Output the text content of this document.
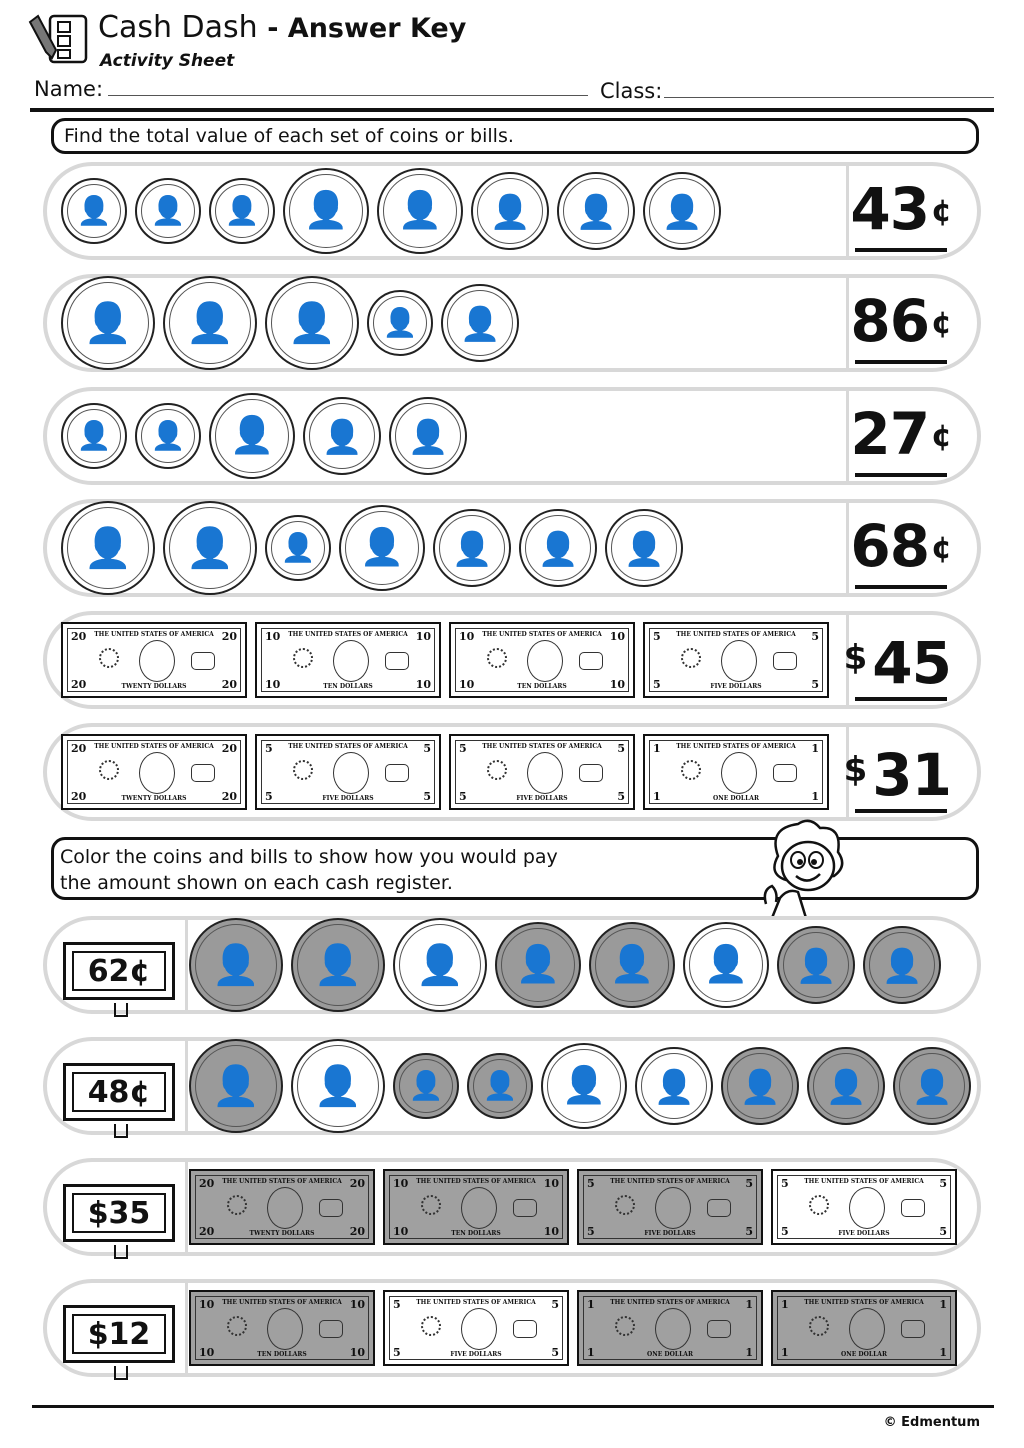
Cash Dash - Answer Key
Activity Sheet
Name:	Class:
Find the total value of each set of coins or bills.
👤 👤 👤 👤 👤 👤 👤 👤	43¢
👤 👤 👤 👤 👤	86¢
👤 👤 👤 👤 👤	27¢
👤 👤 👤 👤 👤 👤 👤	68¢
20	20
20	20
THE UNITED STATES OF AMERICA
TWENTY DOLLARS
10	10
10	10
THE UNITED STATES OF AMERICA
TEN DOLLARS
10	10
10	10
THE UNITED STATES OF AMERICA
TEN DOLLARS
5	5
5	5
THE UNITED STATES OF AMERICA
FIVE DOLLARS
$ 45
20	20
20	20
THE UNITED STATES OF AMERICA
TWENTY DOLLARS
5	5
5	5
THE UNITED STATES OF AMERICA
FIVE DOLLARS
5	5
5	5
THE UNITED STATES OF AMERICA
FIVE DOLLARS
1	1
1	1
THE UNITED STATES OF AMERICA
ONE DOLLAR
$ 31
Color the coins and bills to show how you would pay
the amount shown on each cash register.
62¢	👤 👤 👤 👤 👤 👤 👤 👤
48¢	👤 👤 👤 👤 👤 👤 👤 👤 👤
$35
20	20
20	20
THE UNITED STATES OF AMERICA
TWENTY DOLLARS
10	10
10	10
THE UNITED STATES OF AMERICA
TEN DOLLARS
5	5
5	5
THE UNITED STATES OF AMERICA
FIVE DOLLARS
5	5
5	5
THE UNITED STATES OF AMERICA
FIVE DOLLARS
$12
10	10
10	10
THE UNITED STATES OF AMERICA
TEN DOLLARS
5	5
5	5
THE UNITED STATES OF AMERICA
FIVE DOLLARS
1	1
1	1
THE UNITED STATES OF AMERICA
ONE DOLLAR
1	1
1	1
THE UNITED STATES OF AMERICA
ONE DOLLAR
© Edmentum
